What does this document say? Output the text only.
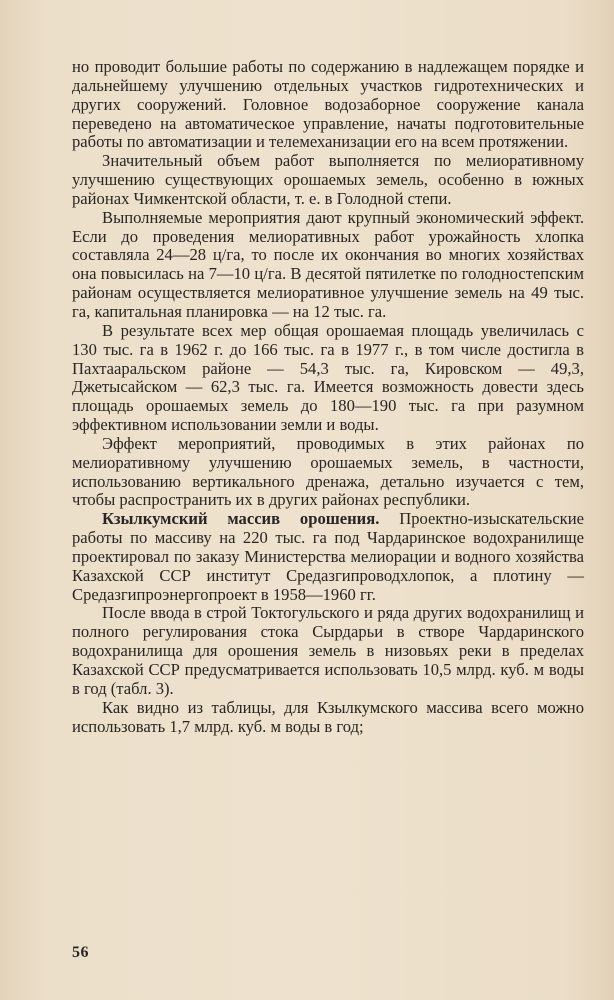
но проводит большие работы по содержанию в надлежащем порядке и дальнейшему улучшению отдельных участков гидротехнических и других сооружений. Головное водозаборное сооружение канала переведено на автоматическое управление, начаты подготовительные работы по автоматизации и телемеханизации его на всем протяжении.

Значительный объем работ выполняется по мелиоративному улучшению существующих орошаемых земель, особенно в южных районах Чимкентской области, т. е. в Голодной степи.

Выполняемые мероприятия дают крупный экономический эффект. Если до проведения мелиоративных работ урожайность хлопка составляла 24—28 ц/га, то после их окончания во многих хозяйствах она повысилась на 7—10 ц/га. В десятой пятилетке по голодностепским районам осуществляется мелиоративное улучшение земель на 49 тыс. га, капитальная планировка — на 12 тыс. га.

В результате всех мер общая орошаемая площадь увеличилась с 130 тыс. га в 1962 г. до 166 тыс. га в 1977 г., в том числе достигла в Пахтааральском районе — 54,3 тыс. га, Кировском — 49,3, Джетысайском — 62,3 тыс. га. Имеется возможность довести здесь площадь орошаемых земель до 180—190 тыс. га при разумном эффективном использовании земли и воды.

Эффект мероприятий, проводимых в этих районах по мелиоративному улучшению орошаемых земель, в частности, использованию вертикального дренажа, детально изучается с тем, чтобы распространить их в других районах республики.

Кзылкумский массив орошения. Проектно-изыскательские работы по массиву на 220 тыс. га под Чардаринское водохранилище проектировал по заказу Министерства мелиорации и водного хозяйства Казахской ССР институт Средазгипроводхлопок, а плотину — Средазгипроэнергопроект в 1958—1960 гг.

После ввода в строй Токтогульского и ряда других водохранилищ и полного регулирования стока Сырдарьи в створе Чардаринского водохранилища для орошения земель в низовьях реки в пределах Казахской ССР предусматривается использовать 10,5 млрд. куб. м воды в год (табл. 3).

Как видно из таблицы, для Кзылкумского массива всего можно использовать 1,7 млрд. куб. м воды в год;

56
